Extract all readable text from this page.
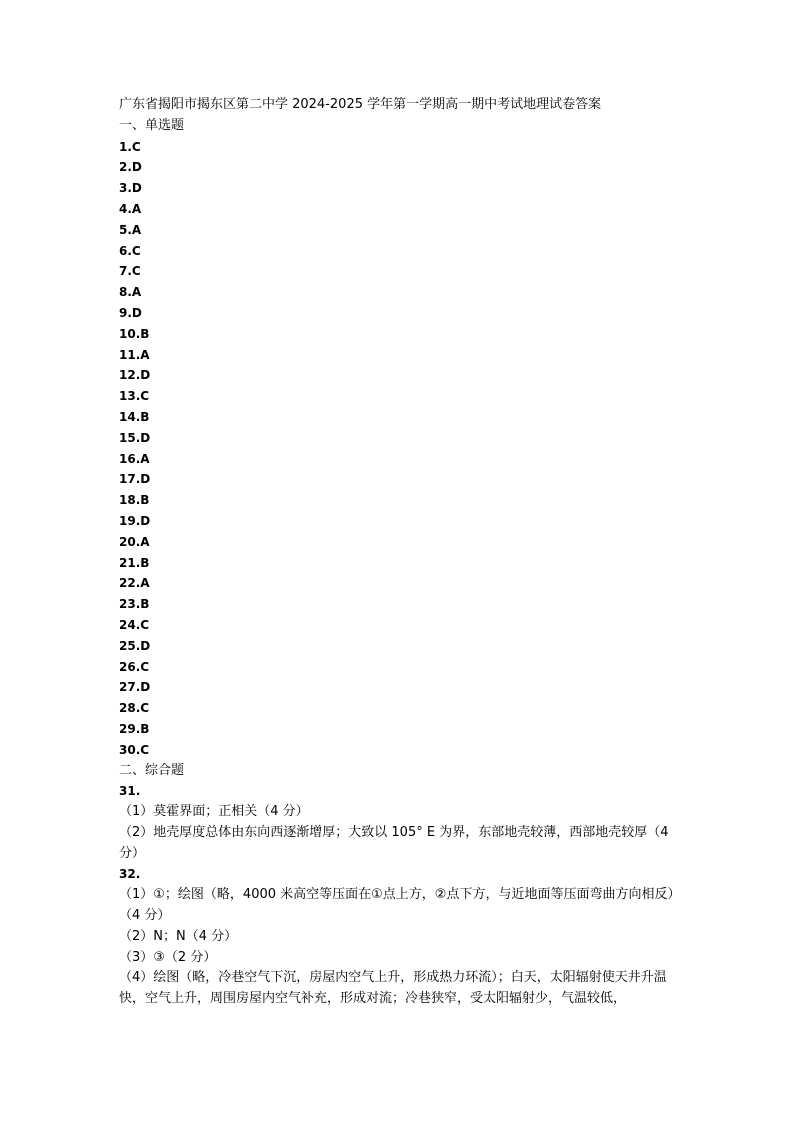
广东省揭阳市揭东区第二中学 2024-2025 学年第一学期高一期中考试地理试卷答案
一、单选题
1.C
2.D
3.D
4.A
5.A
6.C
7.C
8.A
9.D
10.B
11.A
12.D
13.C
14.B
15.D
16.A
17.D
18.B
19.D
20.A
21.B
22.A
23.B
24.C
25.D
26.C
27.D
28.C
29.B
30.C
二、综合题
31.
（1）莫霍界面；正相关（4 分）
（2）地壳厚度总体由东向西逐渐增厚；大致以 105° E 为界，东部地壳较薄，西部地壳较厚（4 分）
32.
（1）①；绘图（略，4000 米高空等压面在①点上方，②点下方，与近地面等压面弯曲方向相反）（4 分）
（2）N；N（4 分）
（3）③（2 分）
（4）绘图（略，冷巷空气下沉，房屋内空气上升，形成热力环流）；白天，太阳辐射使天井升温快，空气上升，周围房屋内空气补充，形成对流；冷巷狭窄，受太阳辐射少，气温较低，
